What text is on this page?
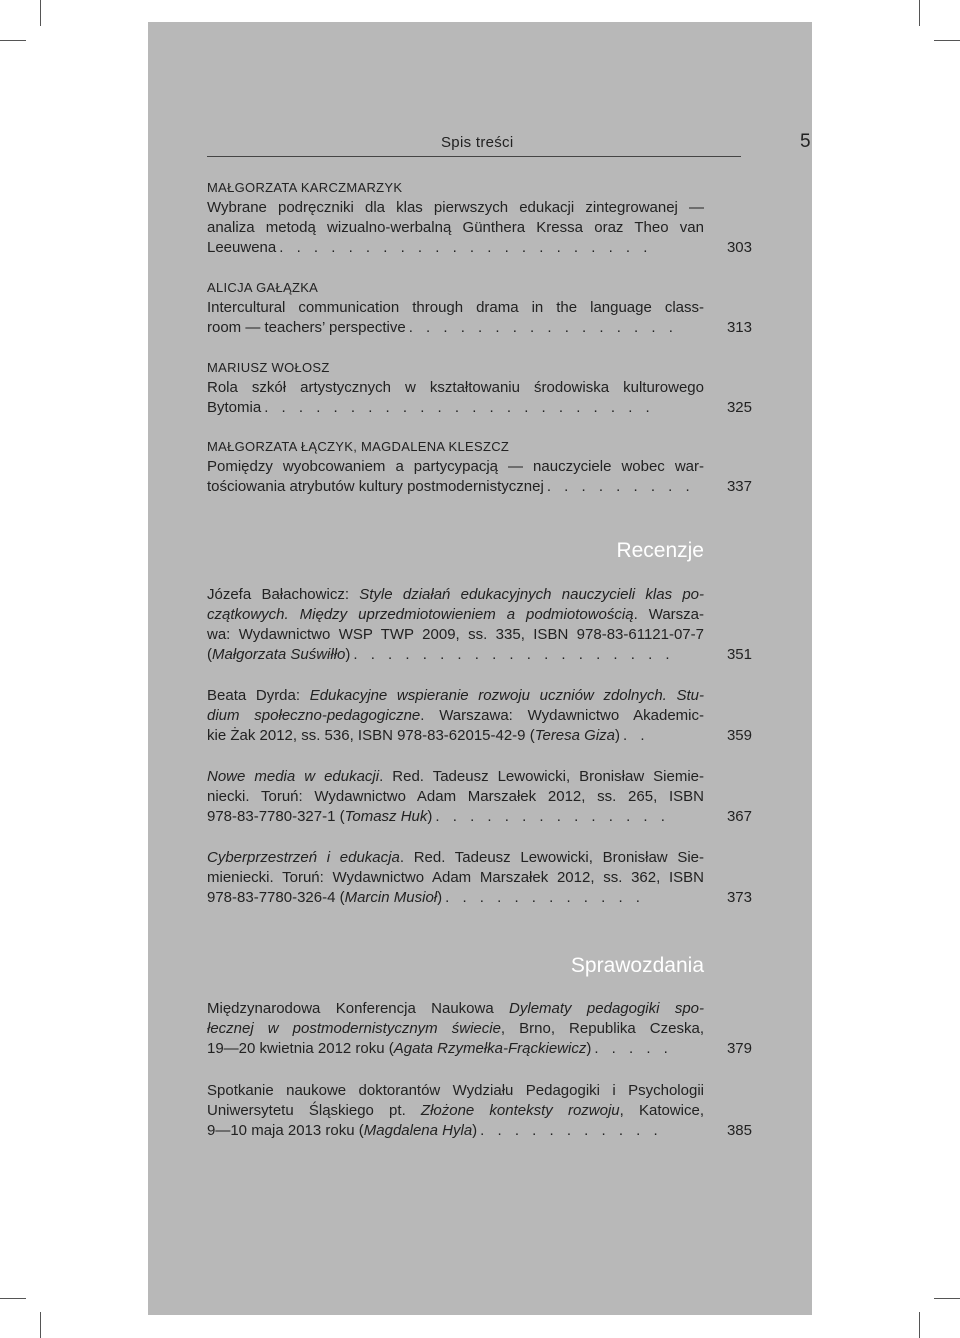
Spis treści	5
MAŁGORZATA KARCZMARZYK
Wybrane podręczniki dla klas pierwszych edukacji zintegrowanej —
analiza metodą wizualno-werbalną Günthera Kressa oraz Theo van
Leeuwena . . . . . . . . . . . . . . . . . . . . . .	303
ALICJA GAŁĄZKA
Intercultural communication through drama in the language class-
room — teachers’ perspective . . . . . . . . . . . . . . . .	313
MARIUSZ WOŁOSZ
Rola szkół artystycznych w kształtowaniu środowiska kulturowego
Bytomia . . . . . . . . . . . . . . . . . . . . . . .	325
MAŁGORZATA ŁĄCZYK, MAGDALENA KLESZCZ
Pomiędzy wyobcowaniem a partycypacją — nauczyciele wobec war-
tościowania atrybutów kultury postmodernistycznej . . . . . . . . .	337
Recenzje
Józefa Bałachowicz: Style działań edukacyjnych nauczycieli klas po-
czątkowych. Między uprzedmiotowieniem a podmiotowością. Warsza-
wa: Wydawnictwo WSP TWP 2009, ss. 335, ISBN 978-83-61121-07-7
(Małgorzata Suświłło) . . . . . . . . . . . . . . . . . . .	351
Beata Dyrda: Edukacyjne wspieranie rozwoju uczniów zdolnych. Stu-
dium społeczno-pedagogiczne. Warszawa: Wydawnictwo Akademic-
kie Żak 2012, ss. 536, ISBN 978-83-62015-42-9 (Teresa Giza) . .	359
Nowe media w edukacji. Red. Tadeusz Lewowicki, Bronisław Siemie-
niecki. Toruń: Wydawnictwo Adam Marszałek 2012, ss. 265, ISBN
978-83-7780-327-1 (Tomasz Huk) . . . . . . . . . . . . . .	367
Cyberprzestrzeń i edukacja. Red. Tadeusz Lewowicki, Bronisław Sie-
mieniecki. Toruń: Wydawnictwo Adam Marszałek 2012, ss. 362, ISBN
978-83-7780-326-4 (Marcin Musioł) . . . . . . . . . . . .	373
Sprawozdania
Międzynarodowa Konferencja Naukowa Dylematy pedagogiki spo-
łecznej w postmodernistycznym świecie, Brno, Republika Czeska,
19—20 kwietnia 2012 roku (Agata Rzymełka-Frąckiewicz) . . . . .	379
Spotkanie naukowe doktorantów Wydziału Pedagogiki i Psychologii
Uniwersytetu Śląskiego pt. Złożone konteksty rozwoju, Katowice,
9—10 maja 2013 roku (Magdalena Hyla) . . . . . . . . . . .	385
